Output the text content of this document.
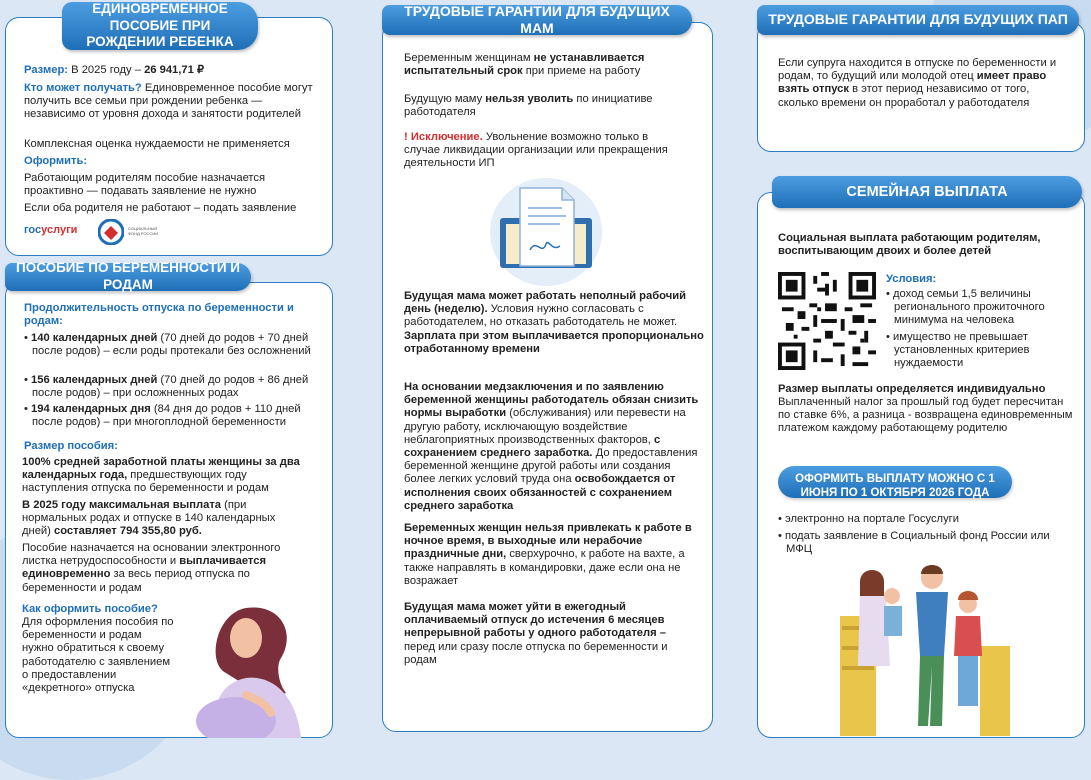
ЕДИНОВРЕМЕННОЕ ПОСОБИЕ ПРИ РОЖДЕНИИ РЕБЕНКА
Размер: В 2025 году – 26 941,71 ₽
Кто может получать? Единовременное пособие могут получить все семьи при рождении ребенка — независимо от уровня дохода и занятости родителей
Комплексная оценка нуждаемости не применяется
Оформить:
Работающим родителям пособие назначается проактивно — подавать заявление не нужно
Если оба родителя не работают – подать заявление
госуслуги	СОЦИАЛЬНЫЙ ФОНД РОССИИ
ПОСОБИЕ ПО БЕРЕМЕННОСТИ И РОДАМ
Продолжительность отпуска по беременности и родам:
• 140 календарных дней (70 дней до родов + 70 дней после родов) – если роды протекали без осложнений
• 156 календарных дней (70 дней до родов + 86 дней после родов) – при осложненных родах
• 194 календарных дня (84 дня до родов + 110 дней после родов) – при многоплодной беременности
Размер пособия:
100% средней заработной платы женщины за два календарных года, предшествующих году наступления отпуска по беременности и родам
В 2025 году максимальная выплата (при нормальных родах и отпуске в 140 календарных дней) составляет 794 355,80 руб.
Пособие назначается на основании электронного листка нетрудоспособности и выплачивается единовременно за весь период отпуска по беременности и родам
Как оформить пособие?
Для оформления пособия по беременности и родам нужно обратиться к своему работодателю с заявлением о предоставлении «декретного» отпуска
ТРУДОВЫЕ ГАРАНТИИ ДЛЯ БУДУЩИХ МАМ
Беременным женщинам не устанавливается испытательный срок при приеме на работу
Будущую маму нельзя уволить по инициативе работодателя
! Исключение. Увольнение возможно только в случае ликвидации организации или прекращения деятельности ИП
Будущая мама может работать неполный рабочий день (неделю). Условия нужно согласовать с работодателем, но отказать работодатель не может. Зарплата при этом выплачивается пропорционально отработанному времени
На основании медзаключения и по заявлению беременной женщины работодатель обязан снизить нормы выработки (обслуживания) или перевести на другую работу, исключающую воздействие неблагоприятных производственных факторов, с сохранением среднего заработка. До предоставления беременной женщине другой работы или создания более легких условий труда она освобождается от исполнения своих обязанностей с сохранением среднего заработка
Беременных женщин нельзя привлекать к работе в ночное время, в выходные или нерабочие праздничные дни, сверхурочно, к работе на вахте, а также направлять в командировки, даже если она не возражает
Будущая мама может уйти в ежегодный оплачиваемый отпуск до истечения 6 месяцев непрерывной работы у одного работодателя – перед или сразу после отпуска по беременности и родам
ТРУДОВЫЕ ГАРАНТИИ ДЛЯ БУДУЩИХ ПАП
Если супруга находится в отпуске по беременности и родам, то будущий или молодой отец имеет право взять отпуск в этот период независимо от того, сколько времени он проработал у работодателя
СЕМЕЙНАЯ ВЫПЛАТА
Социальная выплата работающим родителям, воспитывающим двоих и более детей
Условия:
• доход семьи 1,5 величины регионального прожиточного минимума на человека
• имущество не превышает установленных критериев нуждаемости
Размер выплаты определяется индивидуально
Выплаченный налог за прошлый год будет пересчитан по ставке 6%, а разница - возвращена единовременным платежом каждому работающему родителю
ОФОРМИТЬ ВЫПЛАТУ МОЖНО С 1 ИЮНЯ ПО 1 ОКТЯБРЯ 2026 ГОДА
• электронно на портале Госуслуги
• подать заявление в Социальный фонд России или МФЦ
